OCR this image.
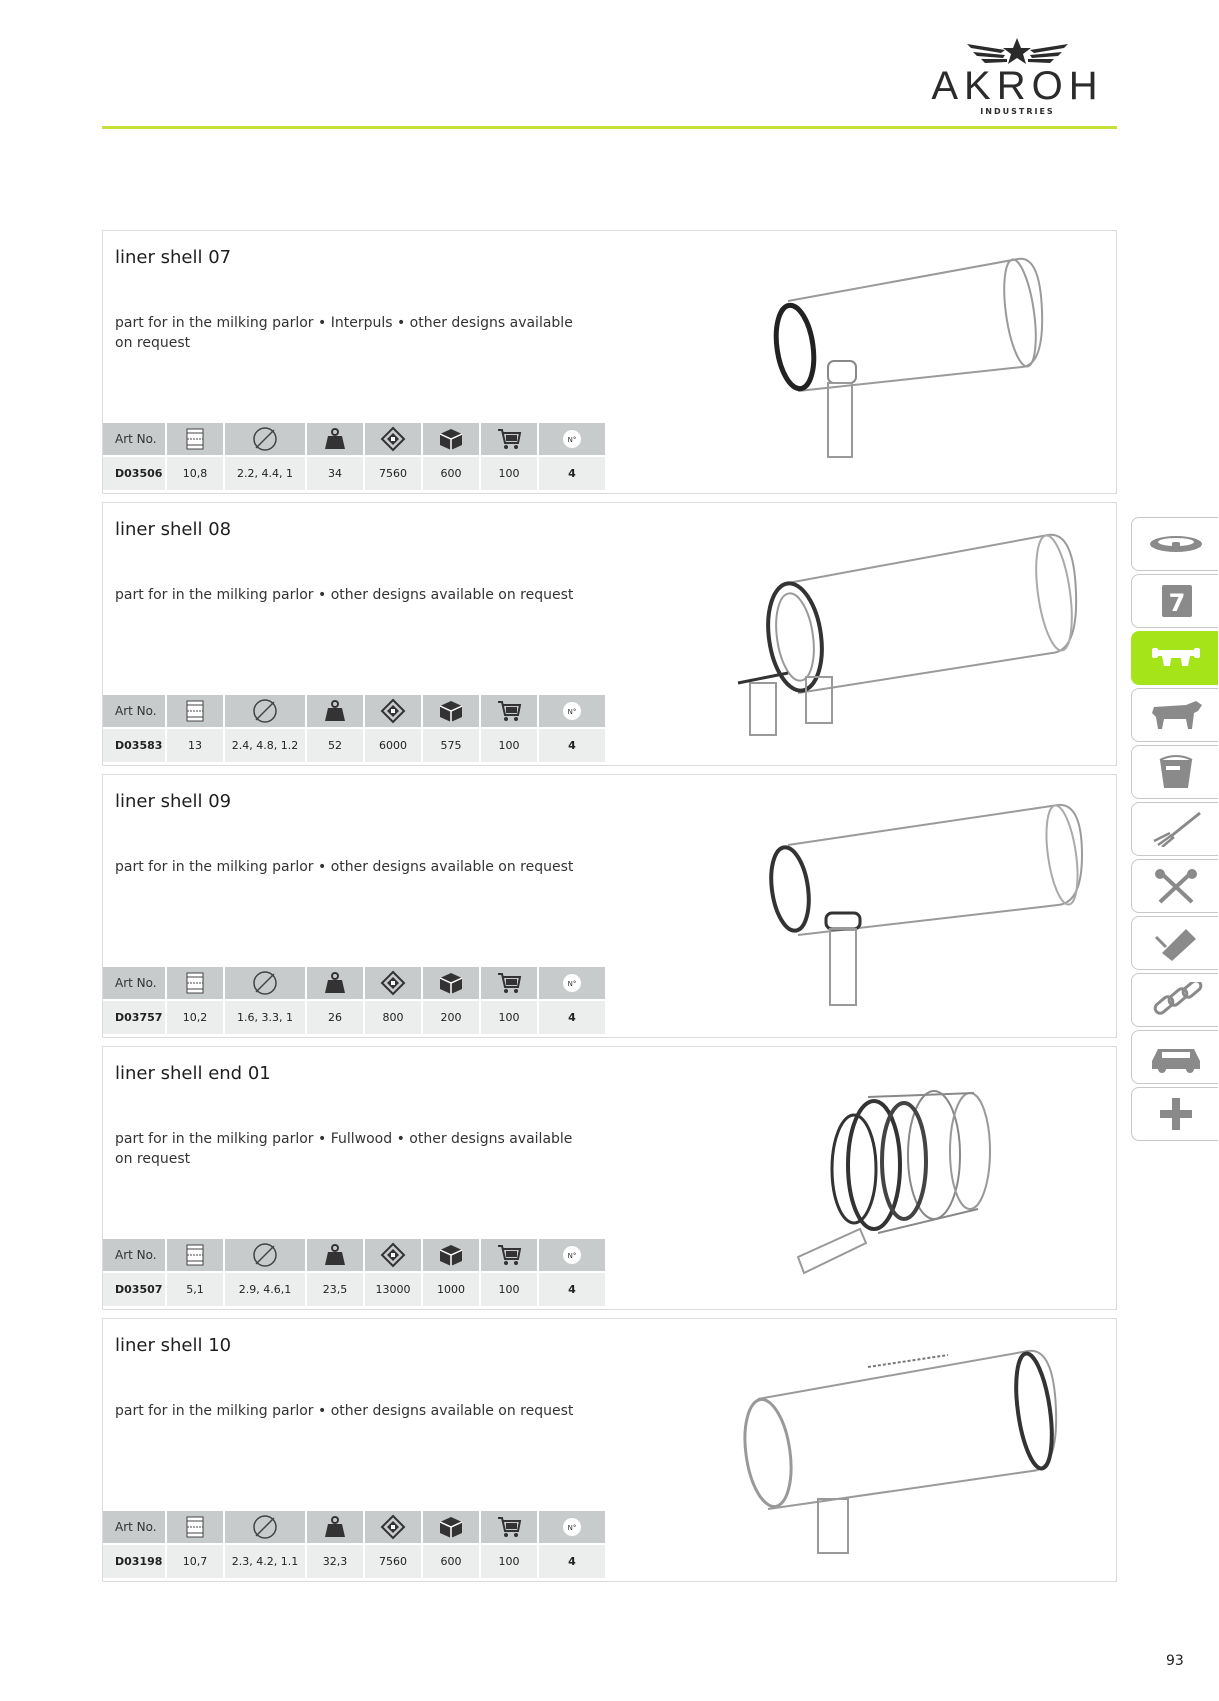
AKROH
INDUSTRIES
liner shell 07
part for in the milking parlor • Interpuls • other designs available on request
Art No.							N°

D03506	10,8	2.2, 4.4, 1	34	7560	600	100	4
liner shell 08
part for in the milking parlor • other designs available on request
Art No.							N°

D03583	13	2.4, 4.8, 1.2	52	6000	575	100	4
liner shell 09
part for in the milking parlor • other designs available on request
Art No.							N°

D03757	10,2	1.6, 3.3, 1	26	800	200	100	4
liner shell end 01
part for in the milking parlor • Fullwood • other designs available on request
Art No.							N°

D03507	5,1	2.9, 4.6,1	23,5	13000	1000	100	4
liner shell 10
part for in the milking parlor • other designs available on request
Art No.							N°

D03198	10,7	2.3, 4.2, 1.1	32,3	7560	600	100	4
7
93
